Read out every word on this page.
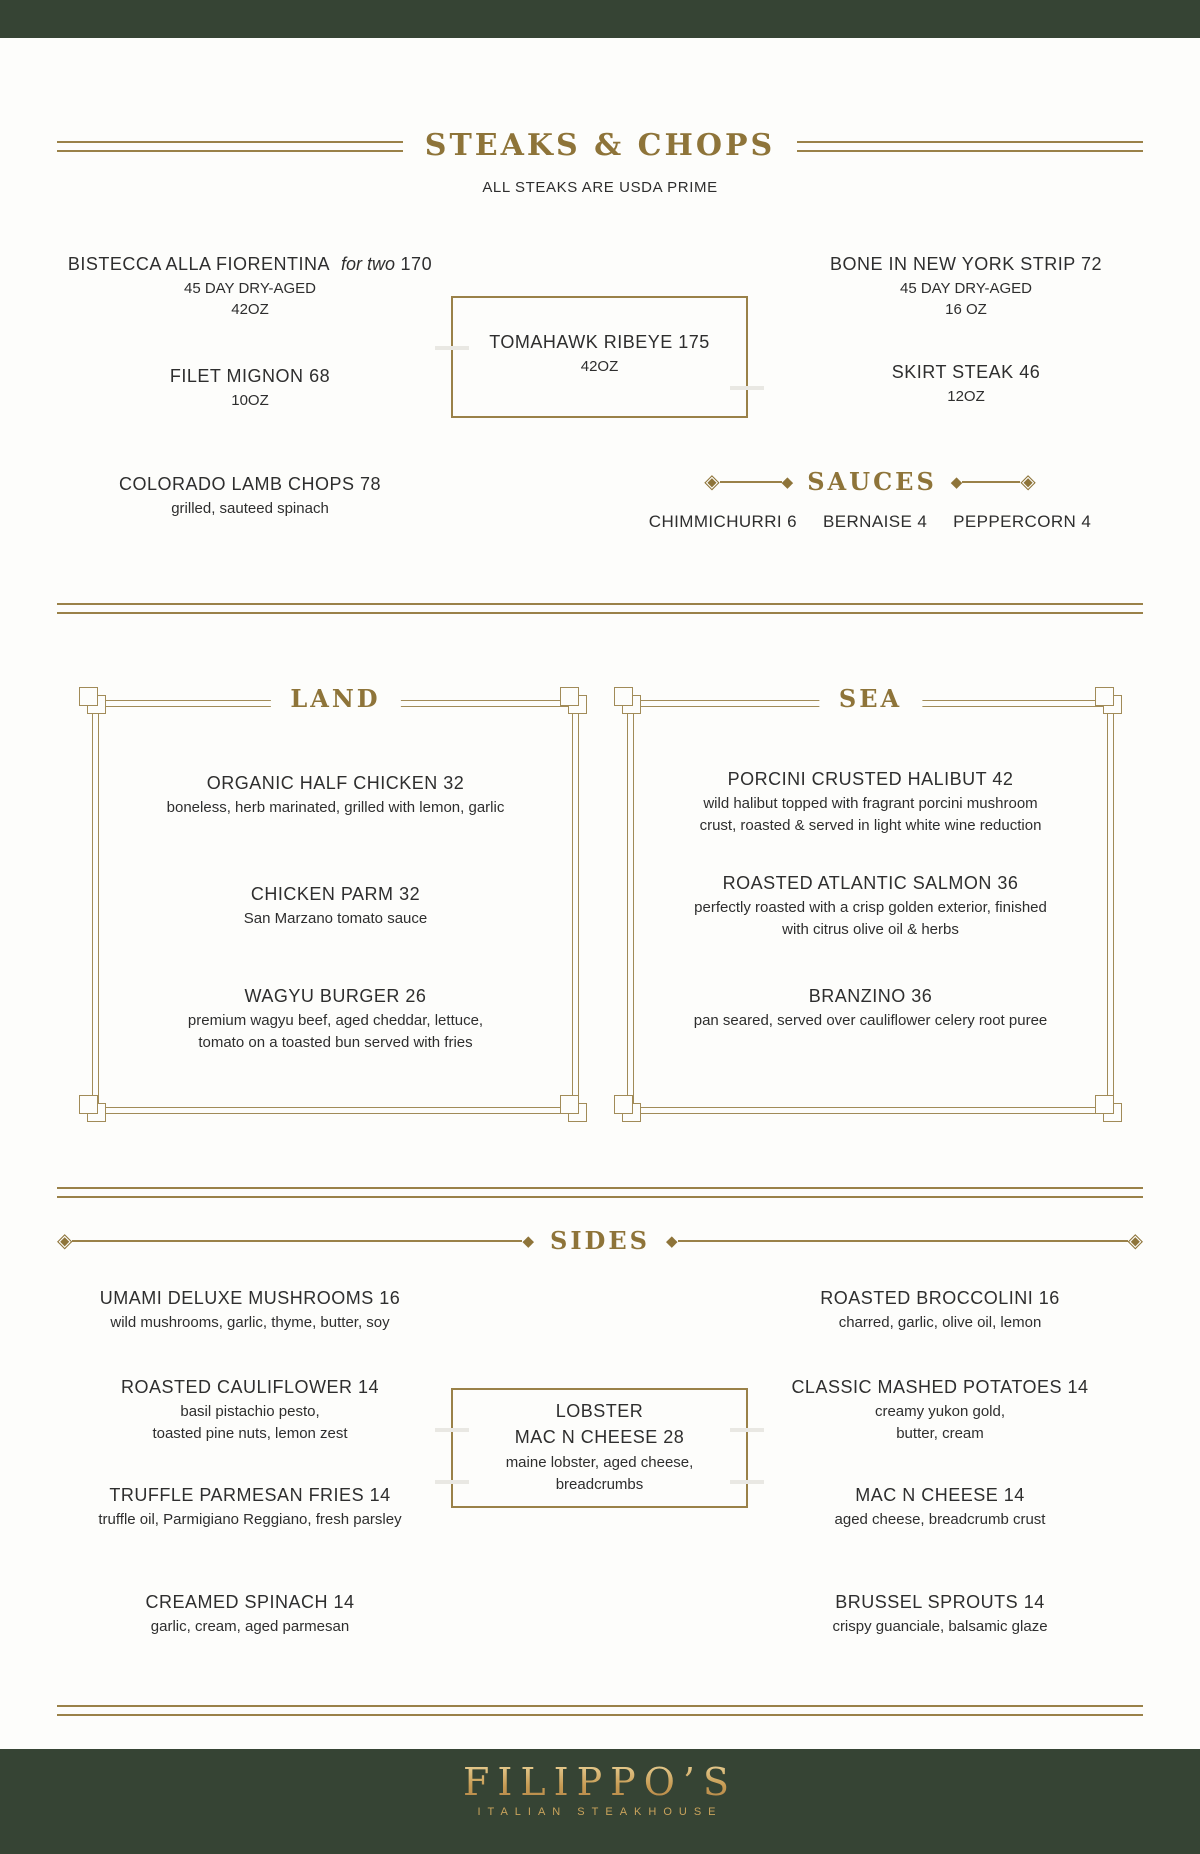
STEAKS & CHOPS
ALL STEAKS ARE USDA PRIME
BISTECCA ALLA FIORENTINA for two 170
45 DAY DRY-AGED
42OZ
BONE IN NEW YORK STRIP 72
45 DAY DRY-AGED
16 OZ
TOMAHAWK RIBEYE 175
42OZ
FILET MIGNON 68
10OZ
SKIRT STEAK 46
12OZ
COLORADO LAMB CHOPS 78
grilled, sauteed spinach
◈	◆ SAUCES ◆	◈
CHIMMICHURRI 6 BERNAISE 4 PEPPERCORN 4
LAND
ORGANIC HALF CHICKEN 32
boneless, herb marinated, grilled with lemon, garlic
CHICKEN PARM 32
San Marzano tomato sauce
WAGYU BURGER 26
premium wagyu beef, aged cheddar, lettuce,
tomato on a toasted bun served with fries
SEA
PORCINI CRUSTED HALIBUT 42
wild halibut topped with fragrant porcini mushroom
crust, roasted & served in light white wine reduction
ROASTED ATLANTIC SALMON 36
perfectly roasted with a crisp golden exterior, finished
with citrus olive oil & herbs
BRANZINO 36
pan seared, served over cauliflower celery root puree
◈	◆ SIDES ◆	◈
UMAMI DELUXE MUSHROOMS 16
wild mushrooms, garlic, thyme, butter, soy
ROASTED CAULIFLOWER 14
basil pistachio pesto,
toasted pine nuts, lemon zest
TRUFFLE PARMESAN FRIES 14
truffle oil, Parmigiano Reggiano, fresh parsley
CREAMED SPINACH 14
garlic, cream, aged parmesan
LOBSTER
MAC N CHEESE 28
maine lobster, aged cheese,
breadcrumbs
ROASTED BROCCOLINI 16
charred, garlic, olive oil, lemon
CLASSIC MASHED POTATOES 14
creamy yukon gold,
butter, cream
MAC N CHEESE 14
aged cheese, breadcrumb crust
BRUSSEL SPROUTS 14
crispy guanciale, balsamic glaze
FILIPPO’S
ITALIAN STEAKHOUSE
